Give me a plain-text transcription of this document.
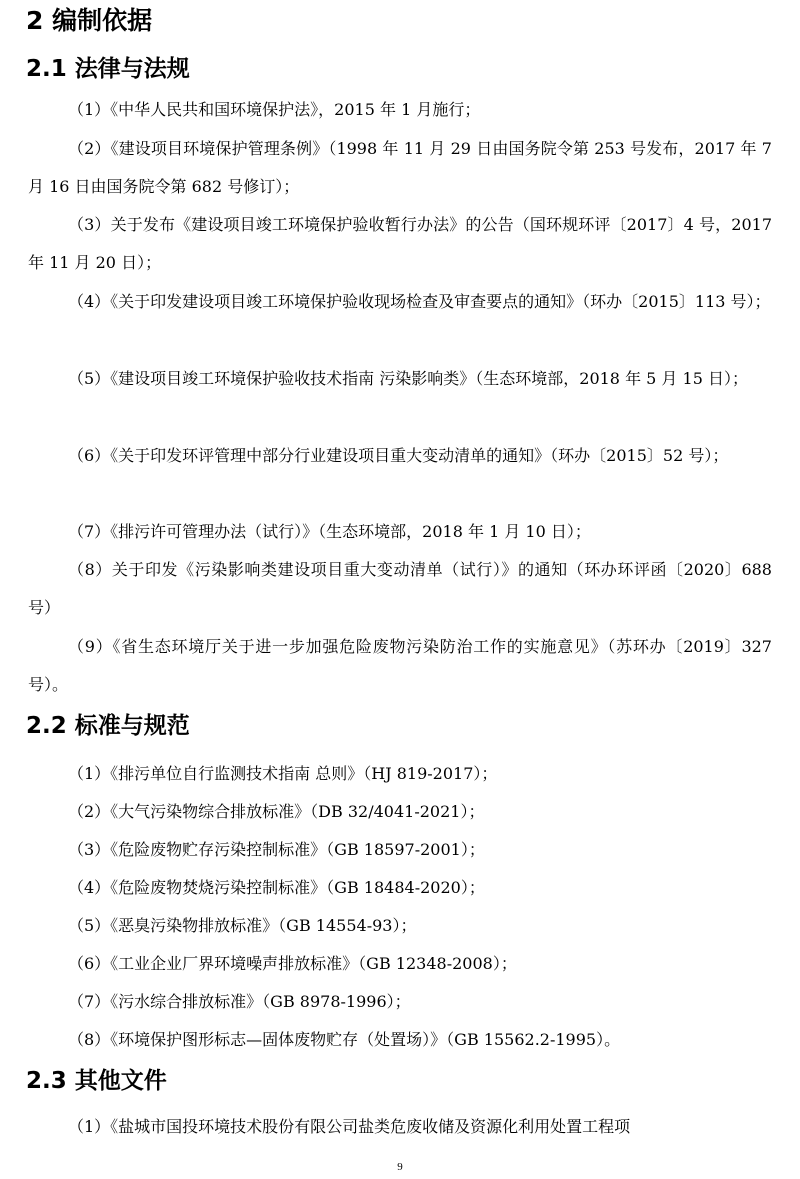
2 编制依据
2.1 法律与法规

（1）《中华人民共和国环境保护法》，2015 年 1 月施行；

（2）《建设项目环境保护管理条例》（1998 年 11 月 29 日由国务院令第 253 号发布，2017 年 7 月 16 日由国务院令第 682 号修订）；

（3）关于发布《建设项目竣工环境保护验收暂行办法》的公告（国环规环评〔2017〕4 号，2017 年 11 月 20 日）；

（4）《关于印发建设项目竣工环境保护验收现场检查及审查要点的通知》（环办〔2015〕113 号）；

（5）《建设项目竣工环境保护验收技术指南 污染影响类》（生态环境部，2018 年 5 月 15 日）；

（6）《关于印发环评管理中部分行业建设项目重大变动清单的通知》（环办〔2015〕52 号）；

（7）《排污许可管理办法（试行）》（生态环境部，2018 年 1 月 10 日）；

（8）关于印发《污染影响类建设项目重大变动清单（试行）》的通知（环办环评函〔2020〕688 号）

（9）《省生态环境厅关于进一步加强危险废物污染防治工作的实施意见》（苏环办〔2019〕327 号）。

2.2 标准与规范

（1）《排污单位自行监测技术指南 总则》（HJ 819-2017）；

（2）《大气污染物综合排放标准》（DB 32/4041-2021）；

（3）《危险废物贮存污染控制标准》（GB 18597-2001）；

（4）《危险废物焚烧污染控制标准》（GB 18484-2020）；

（5）《恶臭污染物排放标准》（GB 14554-93）；

（6）《工业企业厂界环境噪声排放标准》（GB 12348-2008）；

（7）《污水综合排放标准》（GB 8978-1996）；

（8）《环境保护图形标志—固体废物贮存（处置场）》（GB 15562.2-1995）。

2.3 其他文件

（1）《盐城市国投环境技术股份有限公司盐类危废收储及资源化利用处置工程项

9
